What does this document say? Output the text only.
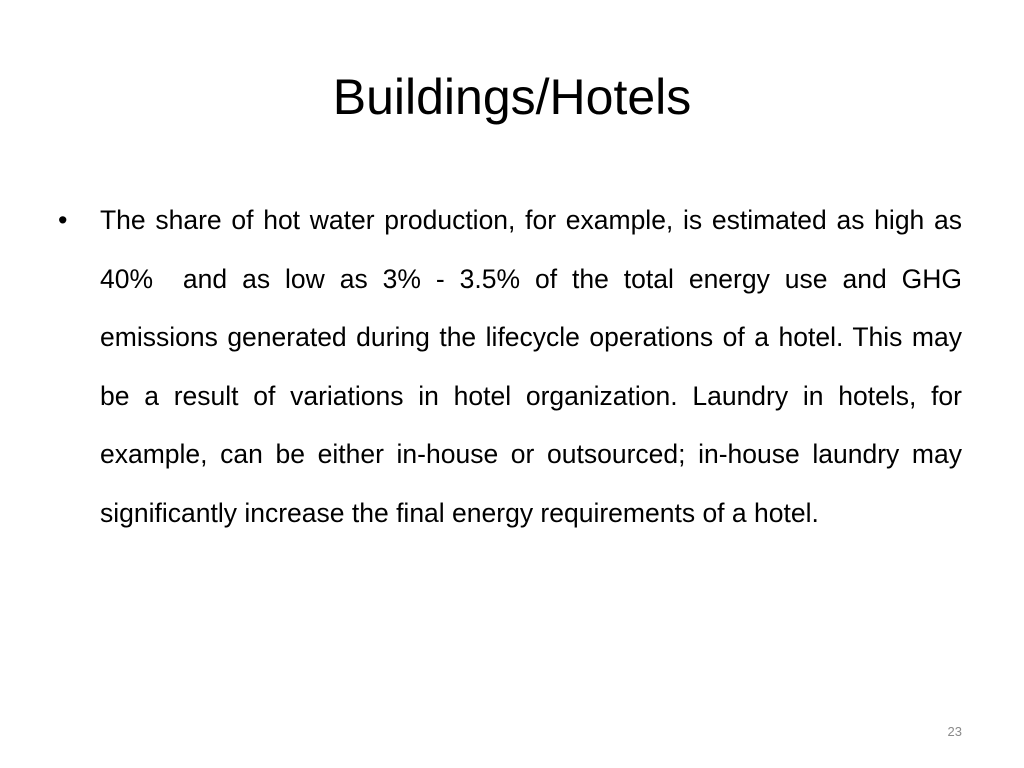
Buildings/Hotels
• The share of hot water production, for example, is estimated as high as 40%  and as low as 3% - 3.5% of the total energy use and GHG emissions generated during the lifecycle operations of a hotel. This may be a result of variations in hotel organization. Laundry in hotels, for example, can be either in-house or outsourced; in-house laundry may significantly increase the final energy requirements of a hotel.

23
